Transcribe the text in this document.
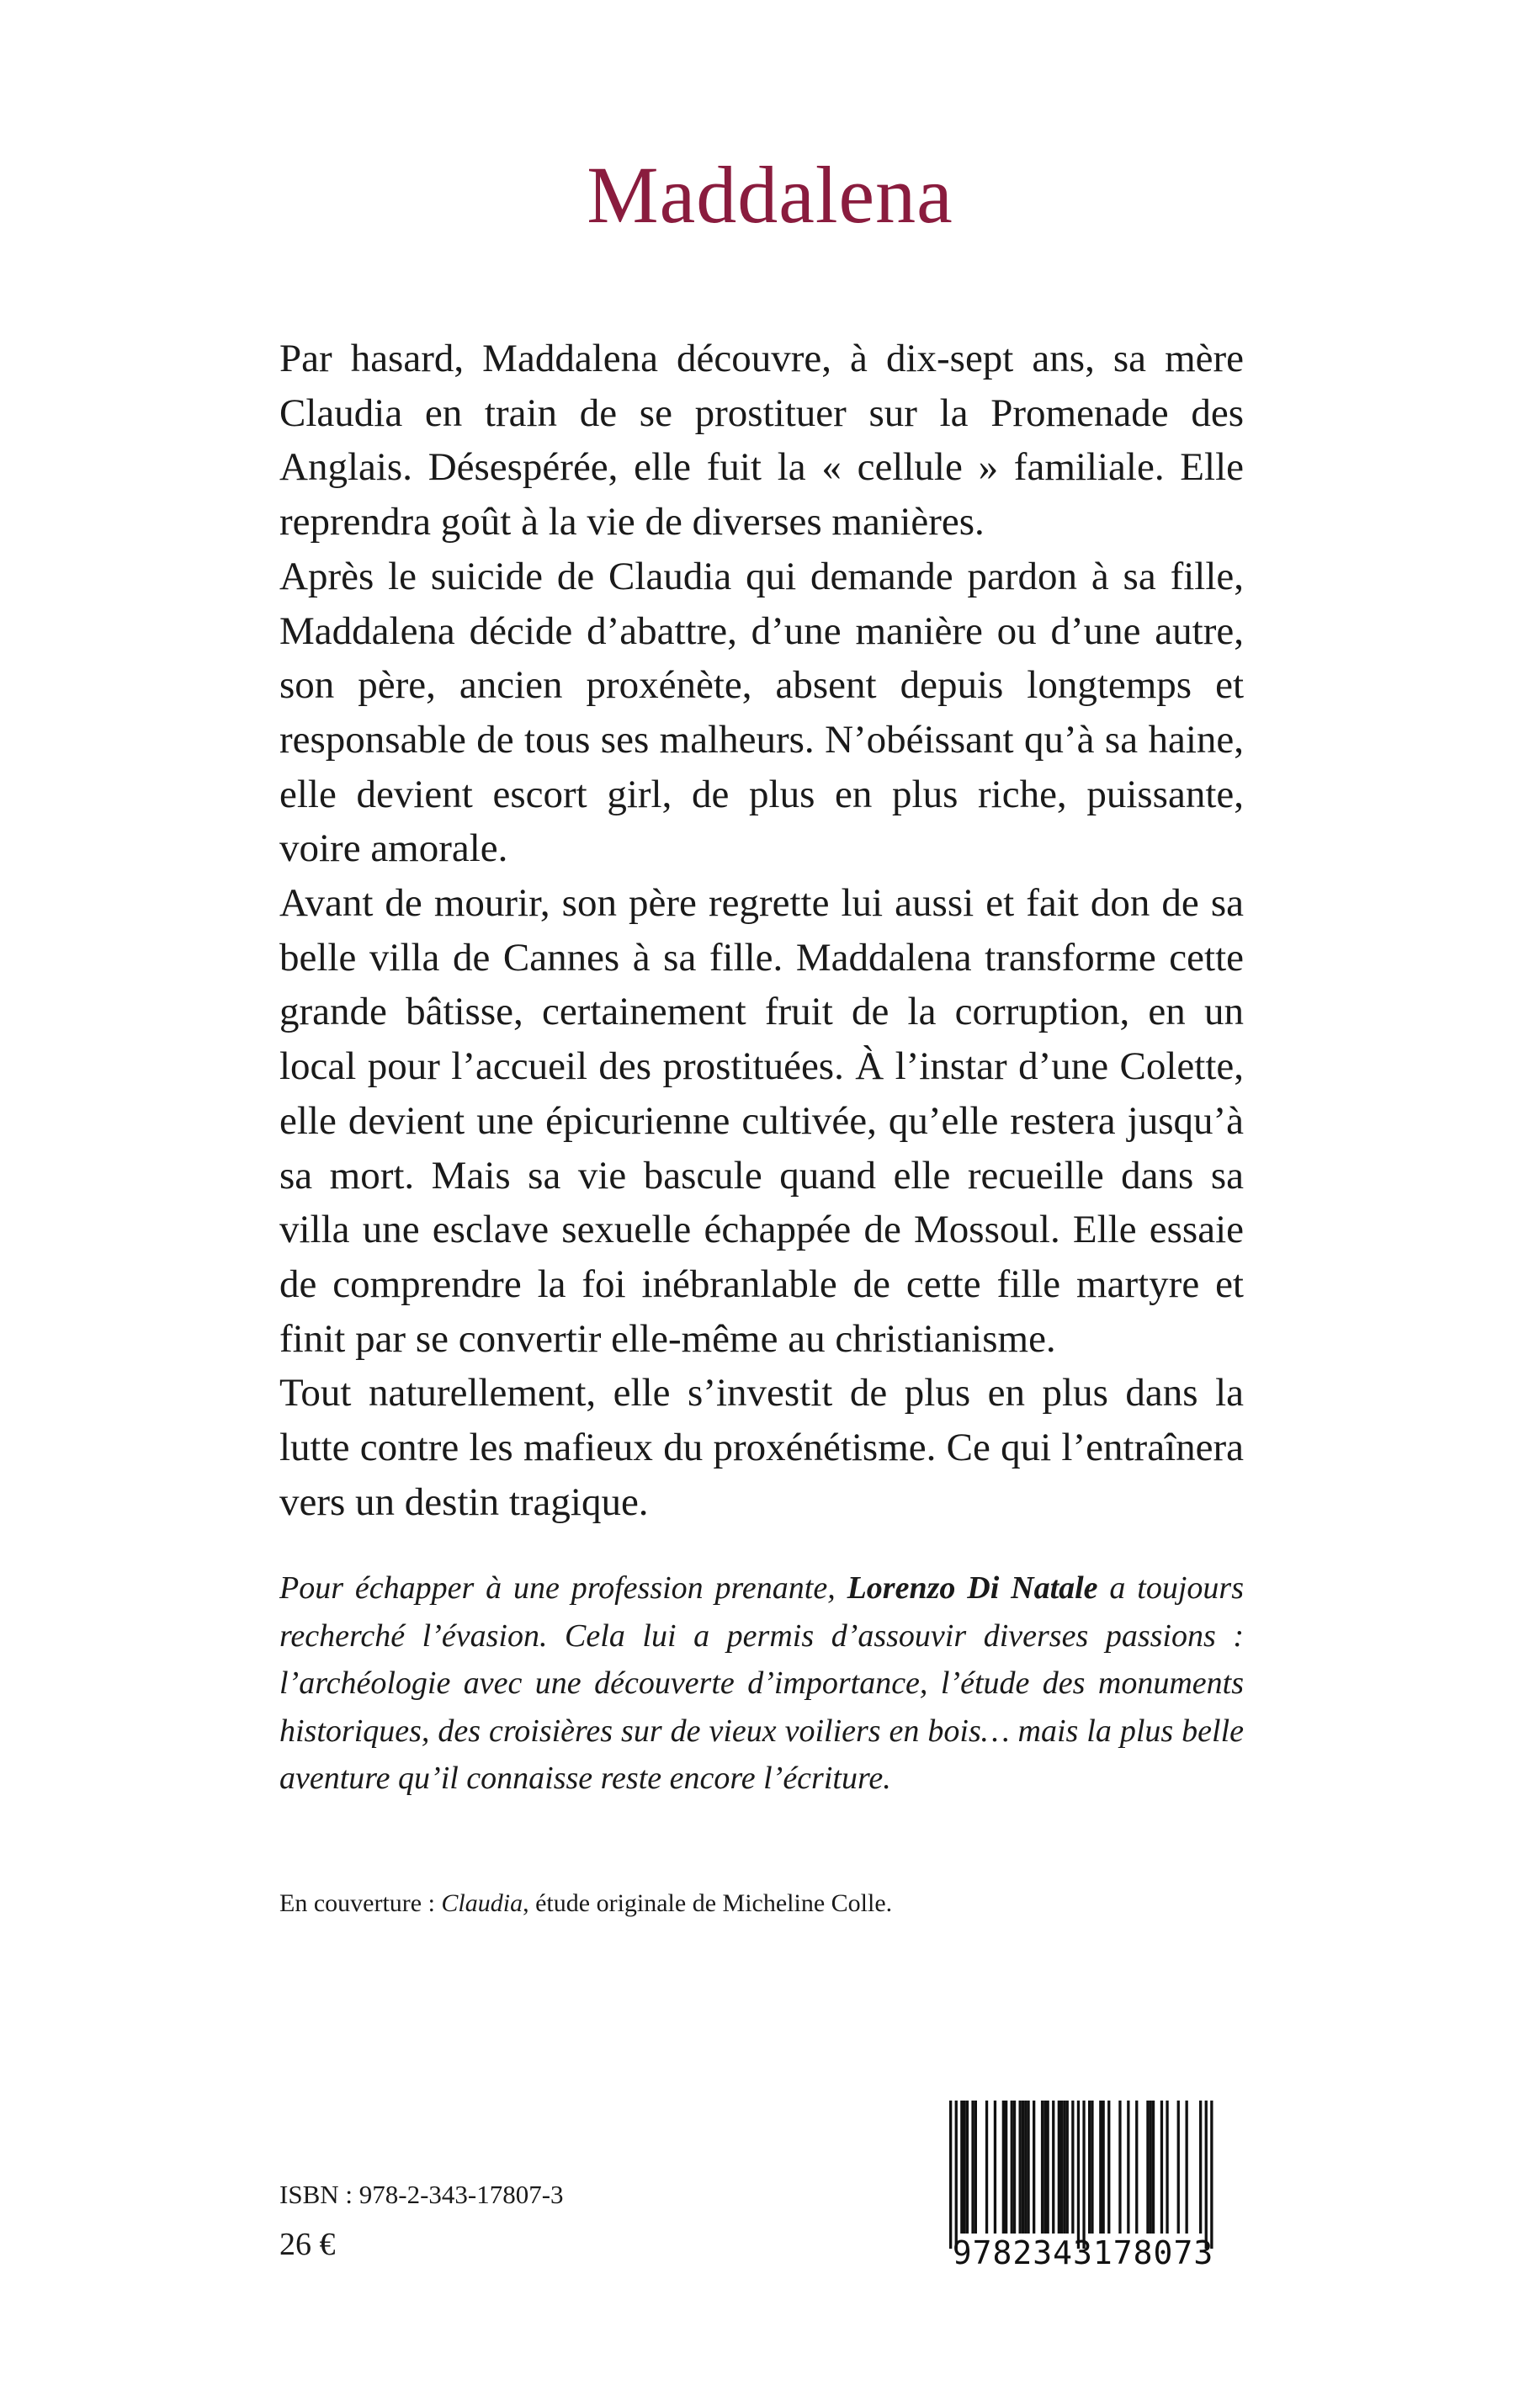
Maddalena

Par hasard, Maddalena découvre, à dix-sept ans, sa mère Claudia en train de se prostituer sur la Promenade des Anglais. Désespérée, elle fuit la « cellule » familiale. Elle reprendra goût à la vie de diverses manières.

Après le suicide de Claudia qui demande pardon à sa fille, Maddalena décide d’abattre, d’une manière ou d’une autre, son père, ancien proxénète, absent depuis longtemps et responsable de tous ses malheurs. N’obéissant qu’à sa haine, elle devient escort girl, de plus en plus riche, puissante, voire amorale.

Avant de mourir, son père regrette lui aussi et fait don de sa belle villa de Cannes à sa fille. Maddalena transforme cette grande bâtisse, certainement fruit de la corruption, en un local pour l’accueil des prostituées. À l’instar d’une Colette, elle devient une épicurienne cultivée, qu’elle restera jusqu’à sa mort. Mais sa vie bascule quand elle recueille dans sa villa une esclave sexuelle échappée de Mossoul. Elle essaie de comprendre la foi inébranlable de cette fille martyre et finit par se convertir elle-même au christianisme.

Tout naturellement, elle s’investit de plus en plus dans la lutte contre les mafieux du proxénétisme. Ce qui l’entraînera vers un destin tragique.

Pour échapper à une profession prenante, Lorenzo Di Natale a toujours recherché l’évasion. Cela lui a permis d’assouvir diverses passions : l’archéologie avec une découverte d’importance, l’étude des monuments historiques, des croisières sur de vieux voiliers en bois… mais la plus belle aventure qu’il connaisse reste encore l’écriture.

En couverture : Claudia, étude originale de Micheline Colle.

ISBN : 978-2-343-17807-3
26 €	9782343178073
